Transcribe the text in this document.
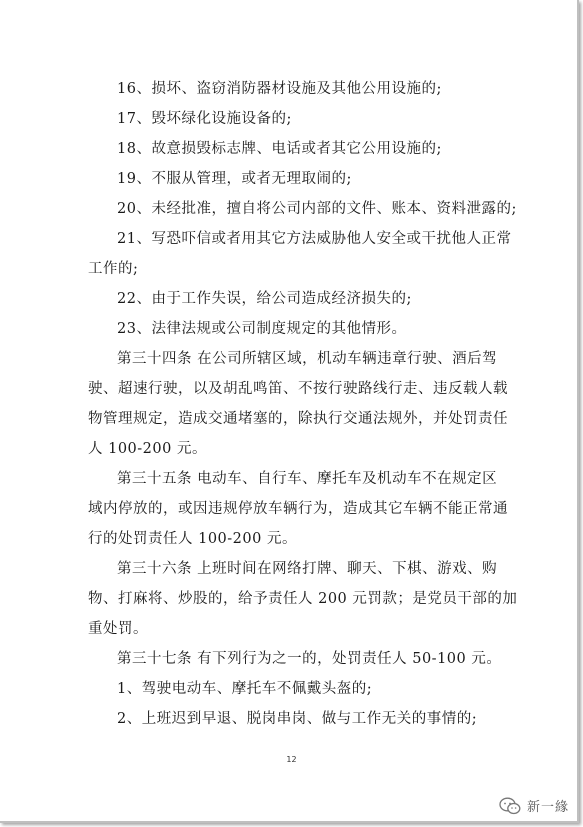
16、损坏、盗窃消防器材设施及其他公用设施的;
17、毁坏绿化设施设备的;
18、故意损毁标志牌、电话或者其它公用设施的;
19、不服从管理，或者无理取闹的;
20、未经批准，擅自将公司内部的文件、账本、资料泄露的;
21、写恐吓信或者用其它方法威胁他人安全或干扰他人正常
工作的;
22、由于工作失误，给公司造成经济损失的;
23、法律法规或公司制度规定的其他情形。
第三十四条 在公司所辖区域，机动车辆违章行驶、酒后驾
驶、超速行驶，以及胡乱鸣笛、不按行驶路线行走、违反载人载
物管理规定，造成交通堵塞的，除执行交通法规外，并处罚责任
人 100-200 元。
第三十五条 电动车、自行车、摩托车及机动车不在规定区
域内停放的，或因违规停放车辆行为，造成其它车辆不能正常通
行的处罚责任人 100-200 元。
第三十六条 上班时间在网络打牌、聊天、下棋、游戏、购
物、打麻将、炒股的，给予责任人 200 元罚款；是党员干部的加
重处罚。
第三十七条 有下列行为之一的，处罚责任人 50-100 元。
1、驾驶电动车、摩托车不佩戴头盔的;
2、上班迟到早退、脱岗串岗、做与工作无关的事情的;
12
新一緣
